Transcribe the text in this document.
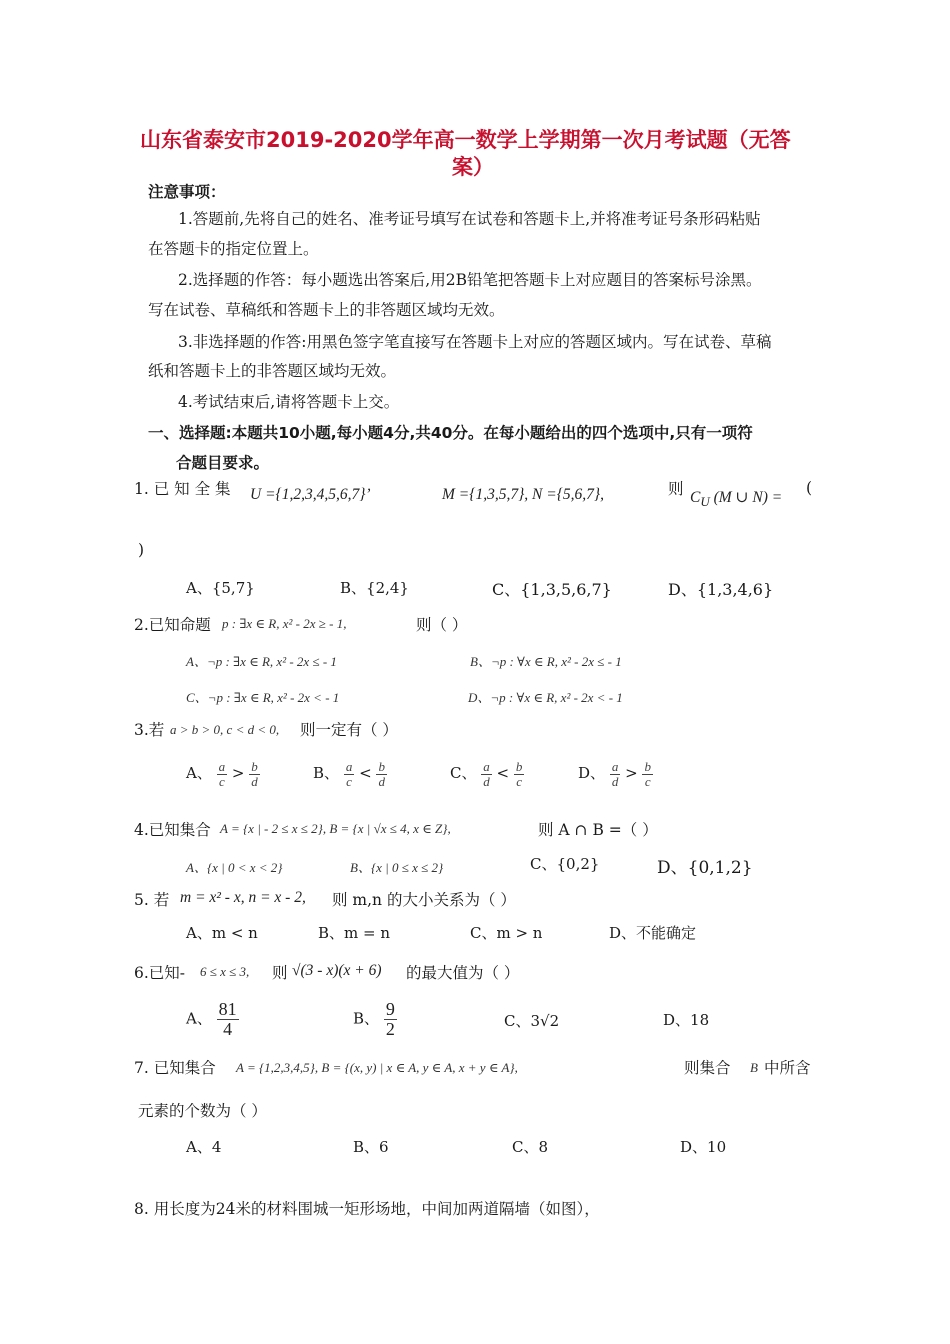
山东省泰安市2019-2020学年高一数学上学期第一次月考试题（无答
案）
注意事项：
1.答题前,先将自己的姓名、准考证号填写在试卷和答题卡上,并将准考证号条形码粘贴
在答题卡的指定位置上。
2.选择题的作答：每小题选出答案后,用2B铅笔把答题卡上对应题目的答案标号涂黑。
写在试卷、草稿纸和答题卡上的非答题区域均无效。
3.非选择题的作答:用黑色签字笔直接写在答题卡上对应的答题区域内。写在试卷、草稿
纸和答题卡上的非答题区域均无效。
4.考试结束后,请将答题卡上交。
一、选择题:本题共10小题,每小题4分,共40分。在每小题给出的四个选项中,只有一项符
合题目要求。
1. 已 知 全 集 U ={1,2,3,4,5,6,7}’	M ={1,3,5,7}, N ={5,6,7},	则 $C_U$ (M ∪ N) =
(
)
A、{5,7}	B、{2,4}	C、{1,3,5,6,7}	D、{1,3,4,6}
2.已知命题 p : ∃x ∈ R, x² - 2x ≥ - 1,	则（ ）
A、¬p : ∃x ∈ R, x² - 2x ≤ - 1	B、¬p : ∀x ∈ R, x² - 2x ≤ - 1
C、¬p : ∃x ∈ R, x² - 2x < - 1	D、¬p : ∀x ∈ R, x² - 2x < - 1
3.若 a > b > 0, c < d < 0, 则一定有（ ）
A、 $\frac{a}{c} > \frac{b}{d}$	B、 $\frac{a}{c} < \frac{b}{d}$	C、 $\frac{a}{d} < \frac{b}{c}$	D、 $\frac{a}{d} > \frac{b}{c}$
4.已知集合 A = {x | - 2 ≤ x ≤ 2}, B = {x | √x ≤ 4, x ∈ Z},	则 A ∩ B =（ ）
A、{x | 0 < x < 2}	B、{x | 0 ≤ x ≤ 2}	C、{0,2}	D、{0,1,2}
5. 若 m = x² - x, n = x - 2, 则 m,n 的大小关系为（ ）
A、m < n	B、m = n	C、m > n	D、不能确定
6.已知- 6 ≤ x ≤ 3, 则 √(3 - x)(x + 6) 的最大值为（ ）
A、 $\frac{81}{4}$	B、 $\frac{9}{2}$	C、3√2	D、18
7. 已知集合 A = {1,2,3,4,5}, B = {(x, y) | x ∈ A, y ∈ A, x + y ∈ A},	则集合 B 中所含
元素的个数为（ ）
A、4	B、6	C、8	D、10
8. 用长度为24米的材料围城一矩形场地，中间加两道隔墙（如图），
